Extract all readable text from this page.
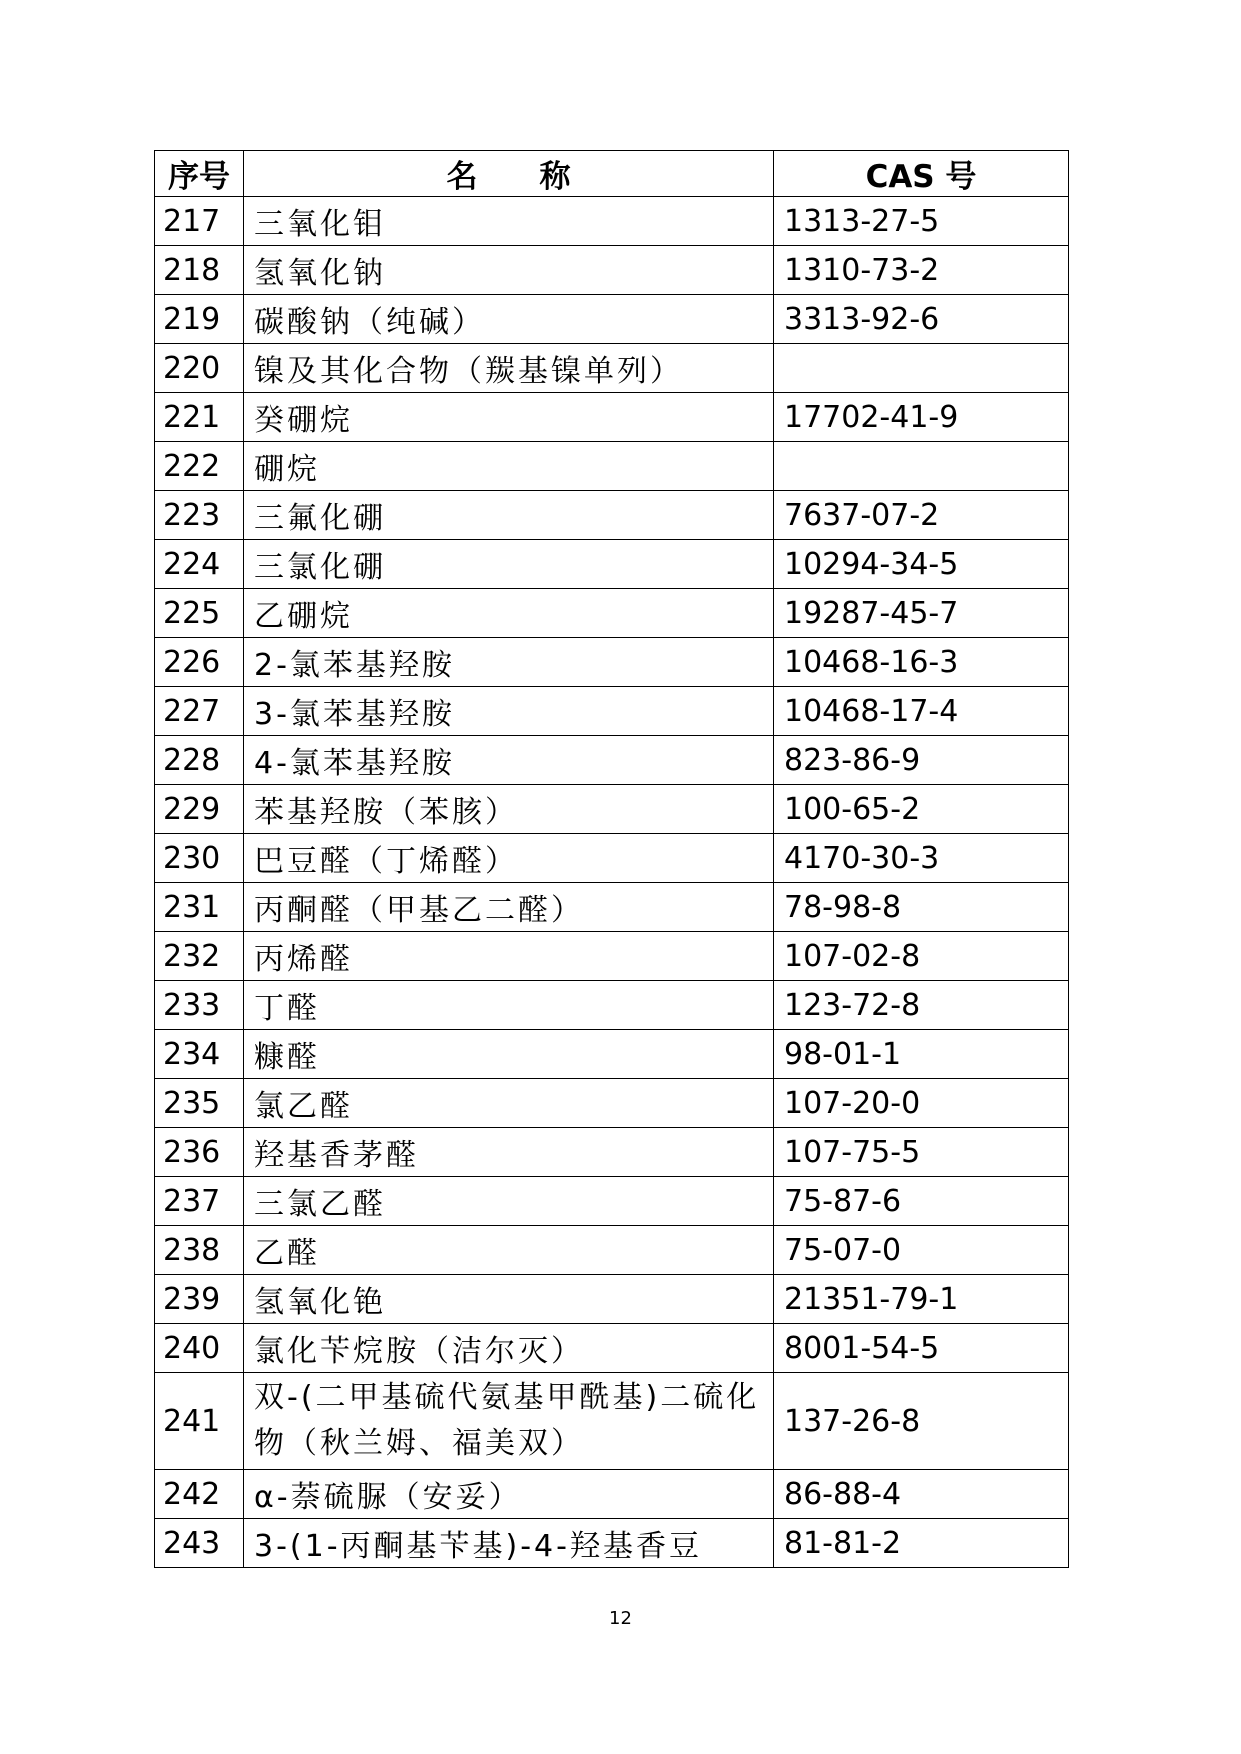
序号	名　　称	CAS 号
217	三氧化钼	1313-27-5
218	氢氧化钠	1310-73-2
219	碳酸钠（纯碱）	3313-92-6
220	镍及其化合物（羰基镍单列）	
221	癸硼烷	17702-41-9
222	硼烷	
223	三氟化硼	7637-07-2
224	三氯化硼	10294-34-5
225	乙硼烷	19287-45-7
226	2-氯苯基羟胺	10468-16-3
227	3-氯苯基羟胺	10468-17-4
228	4-氯苯基羟胺	823-86-9
229	苯基羟胺（苯胲）	100-65-2
230	巴豆醛（丁烯醛）	4170-30-3
231	丙酮醛（甲基乙二醛）	78-98-8
232	丙烯醛	107-02-8
233	丁醛	123-72-8
234	糠醛	98-01-1
235	氯乙醛	107-20-0
236	羟基香茅醛	107-75-5
237	三氯乙醛	75-87-6
238	乙醛	75-07-0
239	氢氧化铯	21351-79-1
240	氯化苄烷胺（洁尔灭）	8001-54-5
241	双-(二甲基硫代氨基甲酰基)二硫化物（秋兰姆、福美双）	137-26-8
242	α-萘硫脲（安妥）	86-88-4
243	3-(1-丙酮基苄基)-4-羟基香豆	81-81-2
12
